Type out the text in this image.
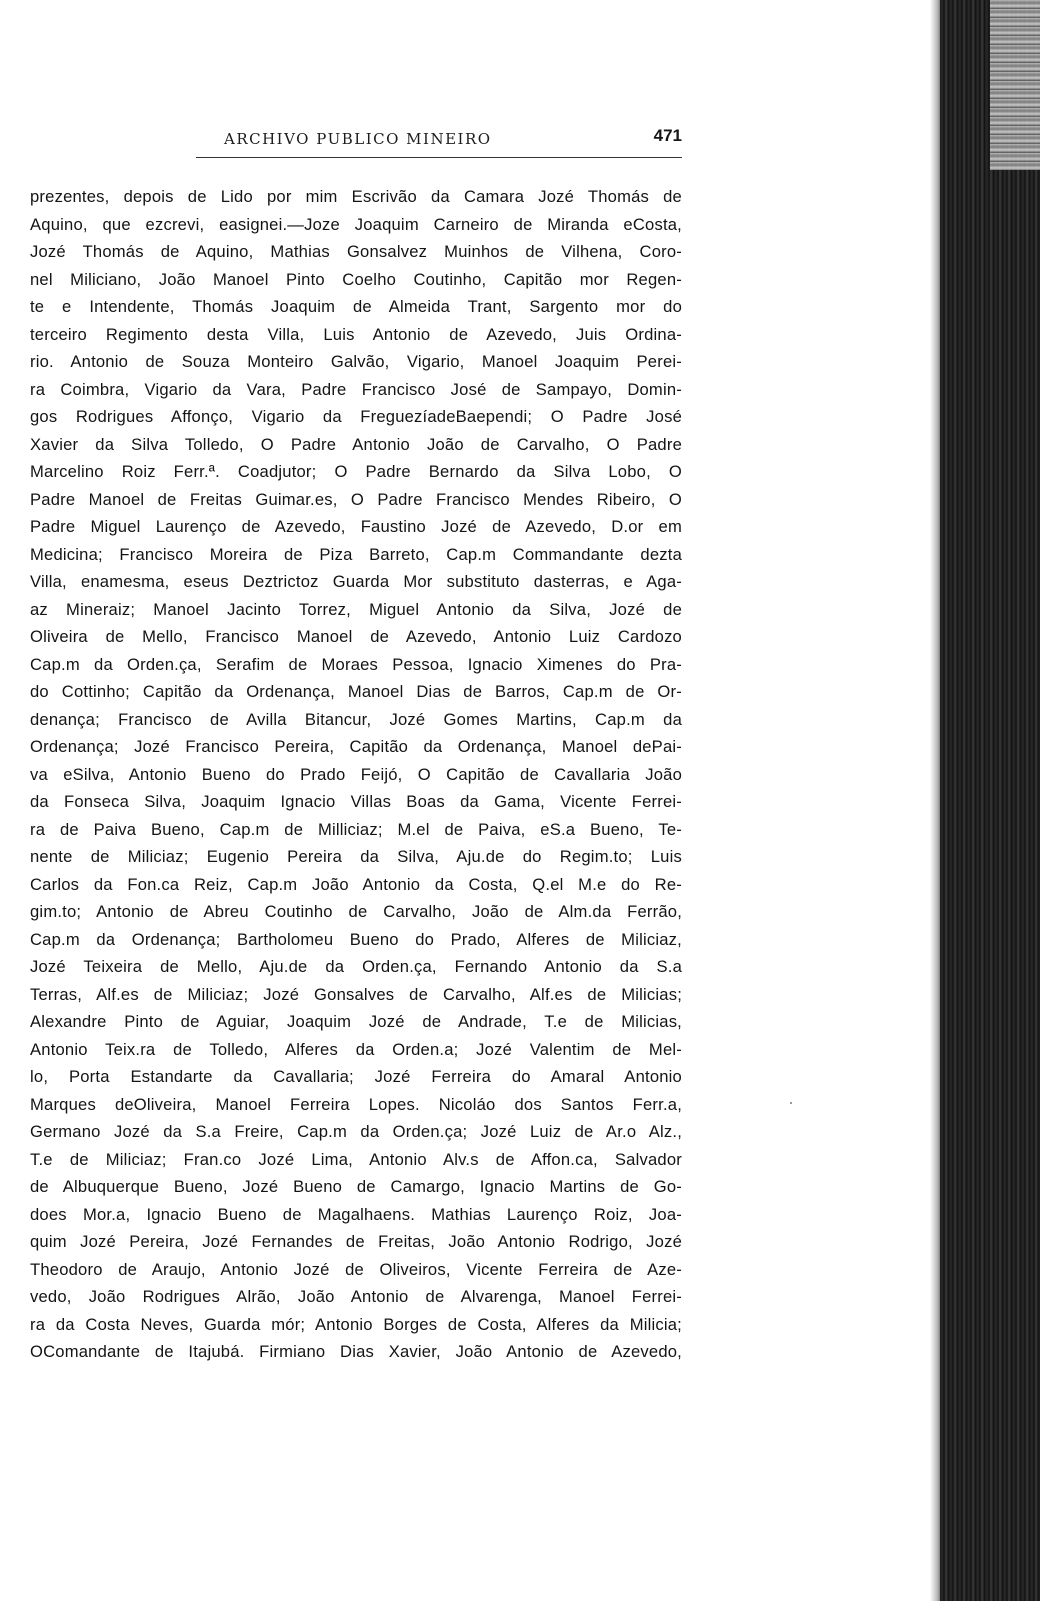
ARCHIVO PUBLICO MINEIRO	471
prezentes, depois de Lido por mim Escrivão da Camara Jozé Thomás de
Aquino, que ezcrevi, easignei.—Joze Joaquim Carneiro de Miranda eCosta,
Jozé Thomás de Aquino, Mathias Gonsalvez Muinhos de Vilhena, Coro-
nel Miliciano, João Manoel Pinto Coelho Coutinho, Capitão mor Regen-
te e Intendente, Thomás Joaquim de Almeida Trant, Sargento mor do
terceiro Regimento desta Villa, Luis Antonio de Azevedo, Juis Ordina-
rio. Antonio de Souza Monteiro Galvão, Vigario, Manoel Joaquim Perei-
ra Coimbra, Vigario da Vara, Padre Francisco José de Sampayo, Domin-
gos Rodrigues Affonço, Vigario da FreguezíadeBaependi; O Padre José
Xavier da Silva Tolledo, O Padre Antonio João de Carvalho, O Padre
Marcelino Roiz Ferr.ª. Coadjutor; O Padre Bernardo da Silva Lobo, O
Padre Manoel de Freitas Guimar.es, O Padre Francisco Mendes Ribeiro, O
Padre Miguel Laurenço de Azevedo, Faustino Jozé de Azevedo, D.or em
Medicina; Francisco Moreira de Piza Barreto, Cap.m Commandante dezta
Villa, enamesma, eseus Deztrictoz Guarda Mor substituto dasterras, e Aga-
az Mineraiz; Manoel Jacinto Torrez, Miguel Antonio da Silva, Jozé de
Oliveira de Mello, Francisco Manoel de Azevedo, Antonio Luiz Cardozo
Cap.m da Orden.ça, Serafim de Moraes Pessoa, Ignacio Ximenes do Pra-
do Cottinho; Capitão da Ordenança, Manoel Dias de Barros, Cap.m de Or-
denança; Francisco de Avilla Bitancur, Jozé Gomes Martins, Cap.m da
Ordenança; Jozé Francisco Pereira, Capitão da Ordenança, Manoel dePai-
va eSilva, Antonio Bueno do Prado Feijó, O Capitão de Cavallaria João
da Fonseca Silva, Joaquim Ignacio Villas Boas da Gama, Vicente Ferrei-
ra de Paiva Bueno, Cap.m de Milliciaz; M.el de Paiva, eS.a Bueno, Te-
nente de Miliciaz; Eugenio Pereira da Silva, Aju.de do Regim.to; Luis
Carlos da Fon.ca Reiz, Cap.m João Antonio da Costa, Q.el M.e do Re-
gim.to; Antonio de Abreu Coutinho de Carvalho, João de Alm.da Ferrão,
Cap.m da Ordenança; Bartholomeu Bueno do Prado, Alferes de Miliciaz,
Jozé Teixeira de Mello, Aju.de da Orden.ça, Fernando Antonio da S.a
Terras, Alf.es de Miliciaz; Jozé Gonsalves de Carvalho, Alf.es de Milicias;
Alexandre Pinto de Aguiar, Joaquim Jozé de Andrade, T.e de Milicias,
Antonio Teix.ra de Tolledo, Alferes da Orden.a; Jozé Valentim de Mel-
lo, Porta Estandarte da Cavallaria; Jozé Ferreira do Amaral Antonio
Marques deOliveira, Manoel Ferreira Lopes. Nicoláo dos Santos Ferr.a,
Germano Jozé da S.a Freire, Cap.m da Orden.ça; Jozé Luiz de Ar.o Alz.,
T.e de Miliciaz; Fran.co Jozé Lima, Antonio Alv.s de Affon.ca, Salvador
de Albuquerque Bueno, Jozé Bueno de Camargo, Ignacio Martins de Go-
does Mor.a, Ignacio Bueno de Magalhaens. Mathias Laurenço Roiz, Joa-
quim Jozé Pereira, Jozé Fernandes de Freitas, João Antonio Rodrigo, Jozé
Theodoro de Araujo, Antonio Jozé de Oliveiros, Vicente Ferreira de Aze-
vedo, João Rodrigues Alrão, João Antonio de Alvarenga, Manoel Ferrei-
ra da Costa Neves, Guarda mór; Antonio Borges de Costa, Alferes da Milicia;
OComandante de Itajubá. Firmiano Dias Xavier, João Antonio de Azevedo,
